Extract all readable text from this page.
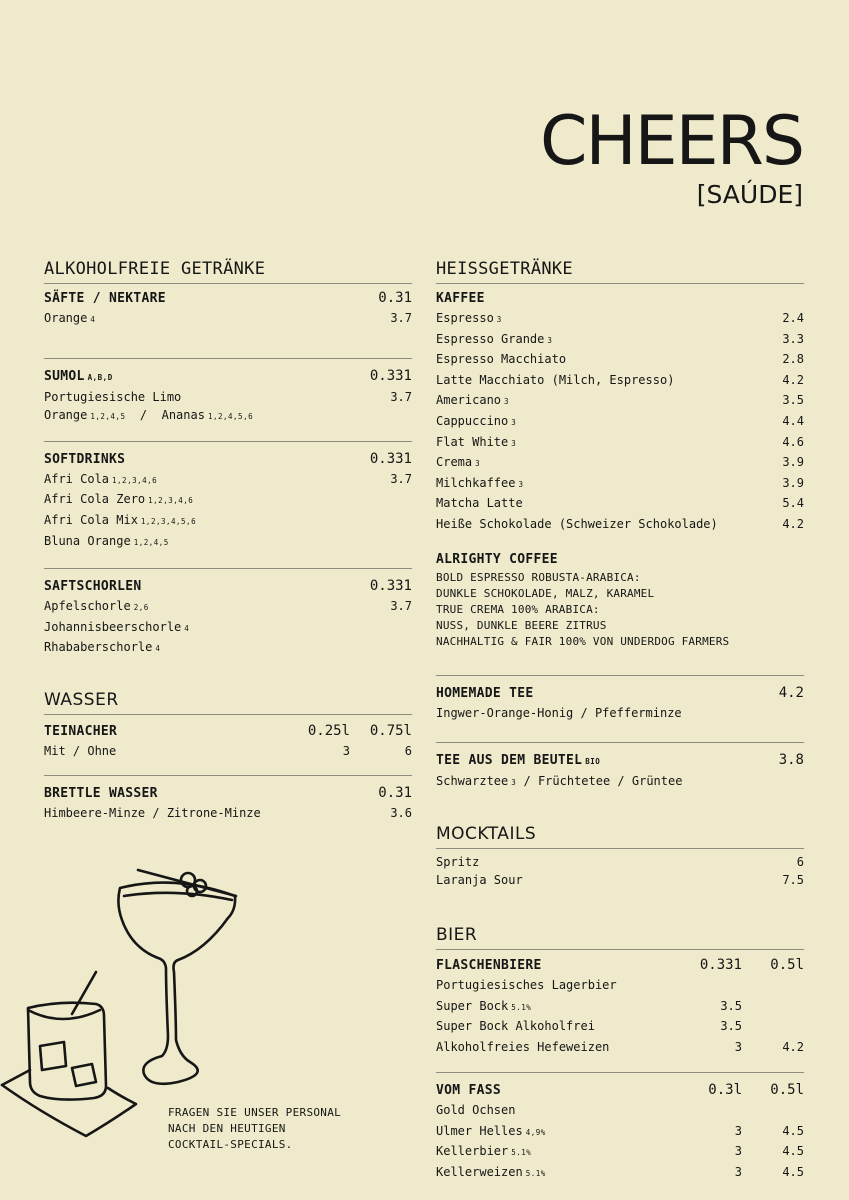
CHEERS
[SAÚDE]
ALKOHOLFREIE GETRÄNKE
SÄFTE / NEKTARE	0.31
Orange 4	3.7
SUMOL A,B,D	0.331
Portugiesische Limo	3.7
Orange 1,2,4,5 / Ananas 1,2,4,5,6
SOFTDRINKS	0.331
Afri Cola 1,2,3,4,6	3.7
Afri Cola Zero 1,2,3,4,6
Afri Cola Mix 1,2,3,4,5,6
Bluna Orange 1,2,4,5
SAFTSCHORLEN	0.331
Apfelschorle 2,6	3.7
Johannisbeerschorle 4
Rhababerschorle 4
WASSER
TEINACHER	0.25l	0.75l
Mit / Ohne	3	6
BRETTLE WASSER	0.31
Himbeere-Minze / Zitrone-Minze	3.6
FRAGEN SIE UNSER PERSONAL
NACH DEN HEUTIGEN
COCKTAIL-SPECIALS.
HEISSGETRÄNKE
KAFFEE
Espresso 3	2.4
Espresso Grande 3	3.3
Espresso Macchiato	2.8
Latte Macchiato (Milch, Espresso)	4.2
Americano 3	3.5
Cappuccino 3	4.4
Flat White 3	4.6
Crema 3	3.9
Milchkaffee 3	3.9
Matcha Latte	5.4
Heiße Schokolade (Schweizer Schokolade)	4.2
ALRIGHTY COFFEE
BOLD ESPRESSO ROBUSTA-ARABICA:
DUNKLE SCHOKOLADE, MALZ, KARAMEL
TRUE CREMA 100% ARABICA:
NUSS, DUNKLE BEERE ZITRUS
NACHHALTIG & FAIR 100% VON UNDERDOG FARMERS
HOMEMADE TEE	4.2
Ingwer-Orange-Honig / Pfefferminze
TEE AUS DEM BEUTEL BIO	3.8
Schwarztee 3 / Früchtetee / Grüntee
MOCKTAILS
Spritz	6
Laranja Sour	7.5
BIER
FLASCHENBIERE	0.331	0.5l
Portugiesisches Lagerbier
Super Bock 5.1%	3.5
Super Bock Alkoholfrei	3.5
Alkoholfreies Hefeweizen	3	4.2
VOM FASS	0.3l	0.5l
Gold Ochsen
Ulmer Helles 4,9%	3	4.5
Kellerbier 5.1%	3	4.5
Kellerweizen 5.1%	3	4.5
